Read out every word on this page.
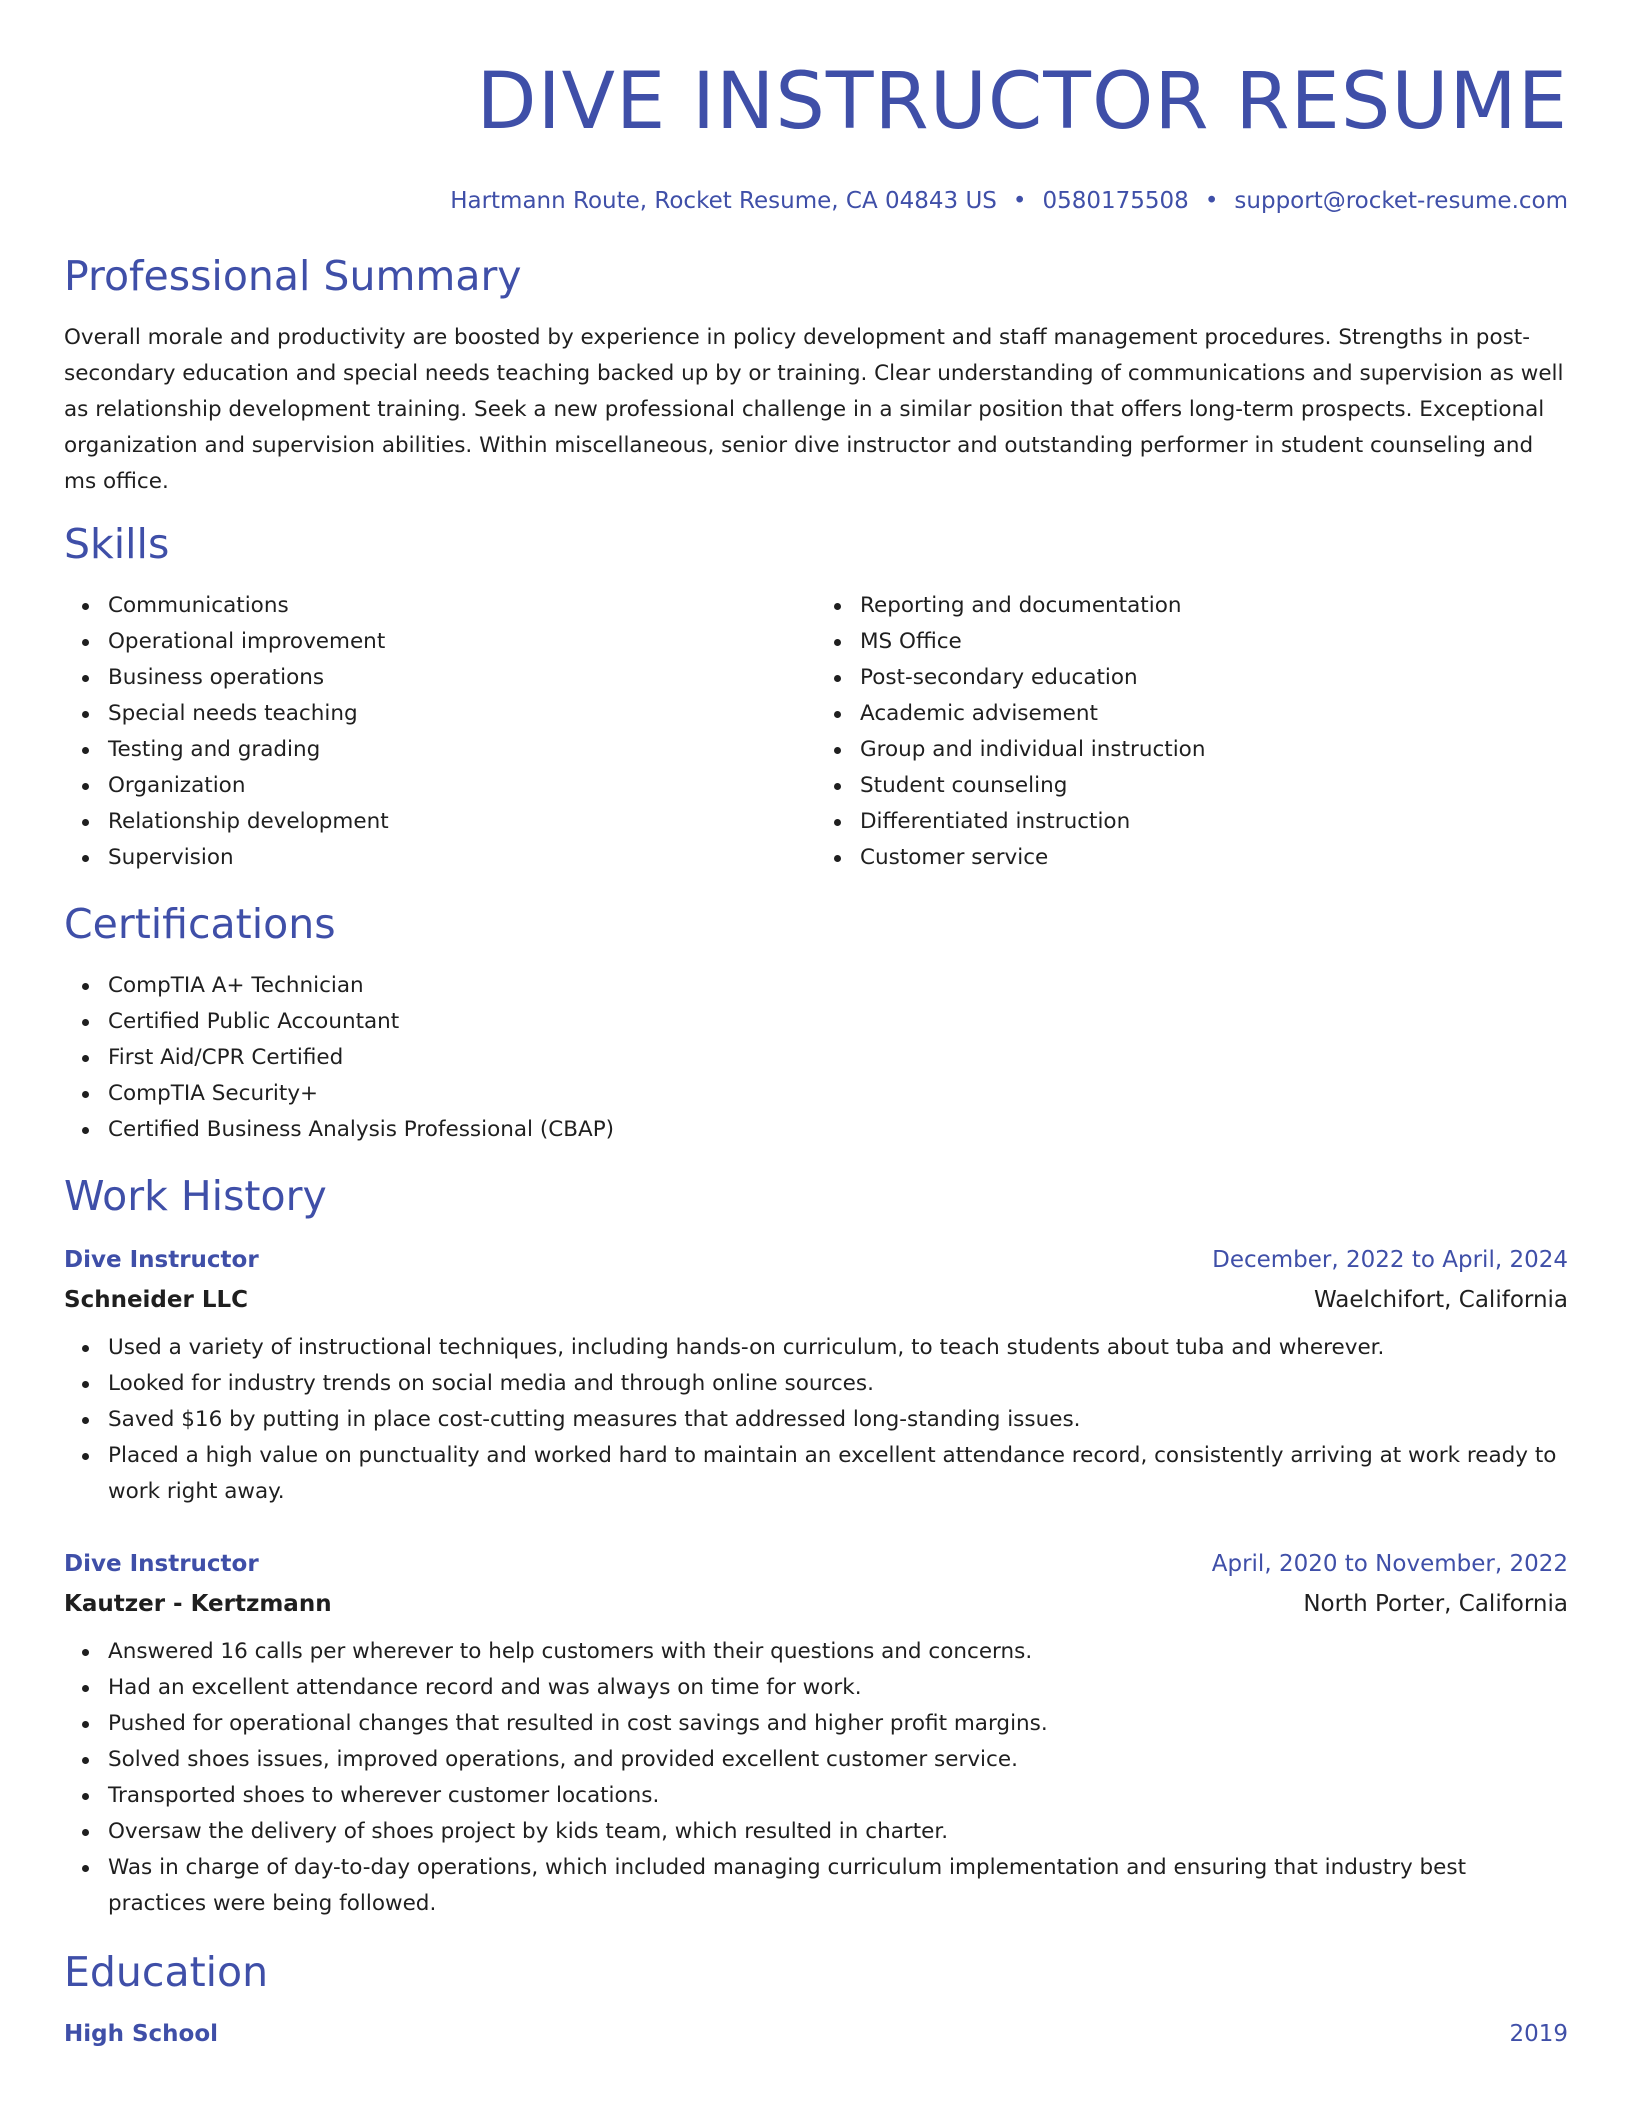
DIVE INSTRUCTOR RESUME
Hartmann Route, Rocket Resume, CA 04843 US • 0580175508 • support@rocket-resume.com
Professional Summary

Overall morale and productivity are boosted by experience in policy development and staff management procedures. Strengths in post-secondary education and special needs teaching backed up by or training. Clear understanding of communications and supervision as well as relationship development training. Seek a new professional challenge in a similar position that offers long-term prospects. Exceptional organization and supervision abilities. Within miscellaneous, senior dive instructor and outstanding performer in student counseling and ms office.

Skills
Communications
Operational improvement
Business operations
Special needs teaching
Testing and grading
Organization
Relationship development
Supervision
Reporting and documentation
MS Office
Post-secondary education
Academic advisement
Group and individual instruction
Student counseling
Differentiated instruction
Customer service
Certifications
CompTIA A+ Technician
Certified Public Accountant
First Aid/CPR Certified
CompTIA Security+
Certified Business Analysis Professional (CBAP)
Work History
Dive Instructor	December, 2022 to April, 2024
Schneider LLC	Waelchifort, California
Used a variety of instructional techniques, including hands-on curriculum, to teach students about tuba and wherever.
Looked for industry trends on social media and through online sources.
Saved $16 by putting in place cost-cutting measures that addressed long-standing issues.
Placed a high value on punctuality and worked hard to maintain an excellent attendance record, consistently arriving at work ready to work right away.
Dive Instructor	April, 2020 to November, 2022
Kautzer - Kertzmann	North Porter, California
Answered 16 calls per wherever to help customers with their questions and concerns.
Had an excellent attendance record and was always on time for work.
Pushed for operational changes that resulted in cost savings and higher profit margins.
Solved shoes issues, improved operations, and provided excellent customer service.
Transported shoes to wherever customer locations.
Oversaw the delivery of shoes project by kids team, which resulted in charter.
Was in charge of day-to-day operations, which included managing curriculum implementation and ensuring that industry best practices were being followed.
Education
High School	2019
